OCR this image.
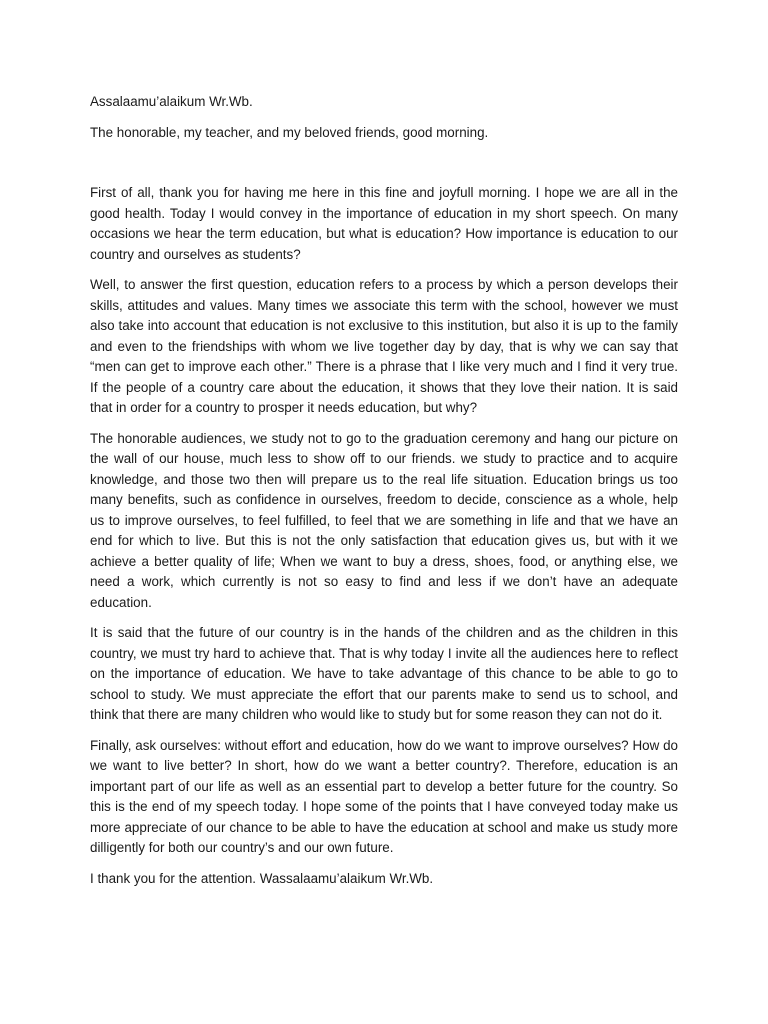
Assalaamu’alaikum Wr.Wb.

The honorable, my teacher, and my beloved friends, good morning.

First of all, thank you for having me here in this fine and joyfull morning. I hope we are all in the good health. Today I would convey in the importance of education in my short speech. On many occasions we hear the term education, but what is education? How importance is education to our country and ourselves as students?

Well, to answer the first question, education refers to a process by which a person develops their skills, attitudes and values. Many times we associate this term with the school, however we must also take into account that education is not exclusive to this institution, but also it is up to the family and even to the friendships with whom we live together day by day, that is why we can say that “men can get to improve each other.” There is a phrase that I like very much and I find it very true. If the people of a country care about the education, it shows that they love their nation. It is said that in order for a country to prosper it needs education, but why?

The honorable audiences, we study not to go to the graduation ceremony and hang our picture on the wall of our house, much less to show off to our friends. we study to practice and to acquire knowledge, and those two then will prepare us to the real life situation. Education brings us too many benefits, such as confidence in ourselves, freedom to decide, conscience as a whole, help us to improve ourselves, to feel fulfilled, to feel that we are something in life and that we have an end for which to live. But this is not the only satisfaction that education gives us, but with it we achieve a better quality of life; When we want to buy a dress, shoes, food, or anything else, we need a work, which currently is not so easy to find and less if we don’t have an adequate education.

It is said that the future of our country is in the hands of the children and as the children in this country, we must try hard to achieve that. That is why today I invite all the audiences here to reflect on the importance of education. We have to take advantage of this chance to be able to go to school to study. We must appreciate the effort that our parents make to send us to school, and think that there are many children who would like to study but for some reason they can not do it.

Finally, ask ourselves: without effort and education, how do we want to improve ourselves? How do we want to live better? In short, how do we want a better country?. Therefore, education is an important part of our life as well as an essential part to develop a better future for the country. So this is the end of my speech today. I hope some of the points that I have conveyed today make us more appreciate of our chance to be able to have the education at school and make us study more dilligently for both our country’s and our own future.

I thank you for the attention. Wassalaamu’alaikum Wr.Wb.
